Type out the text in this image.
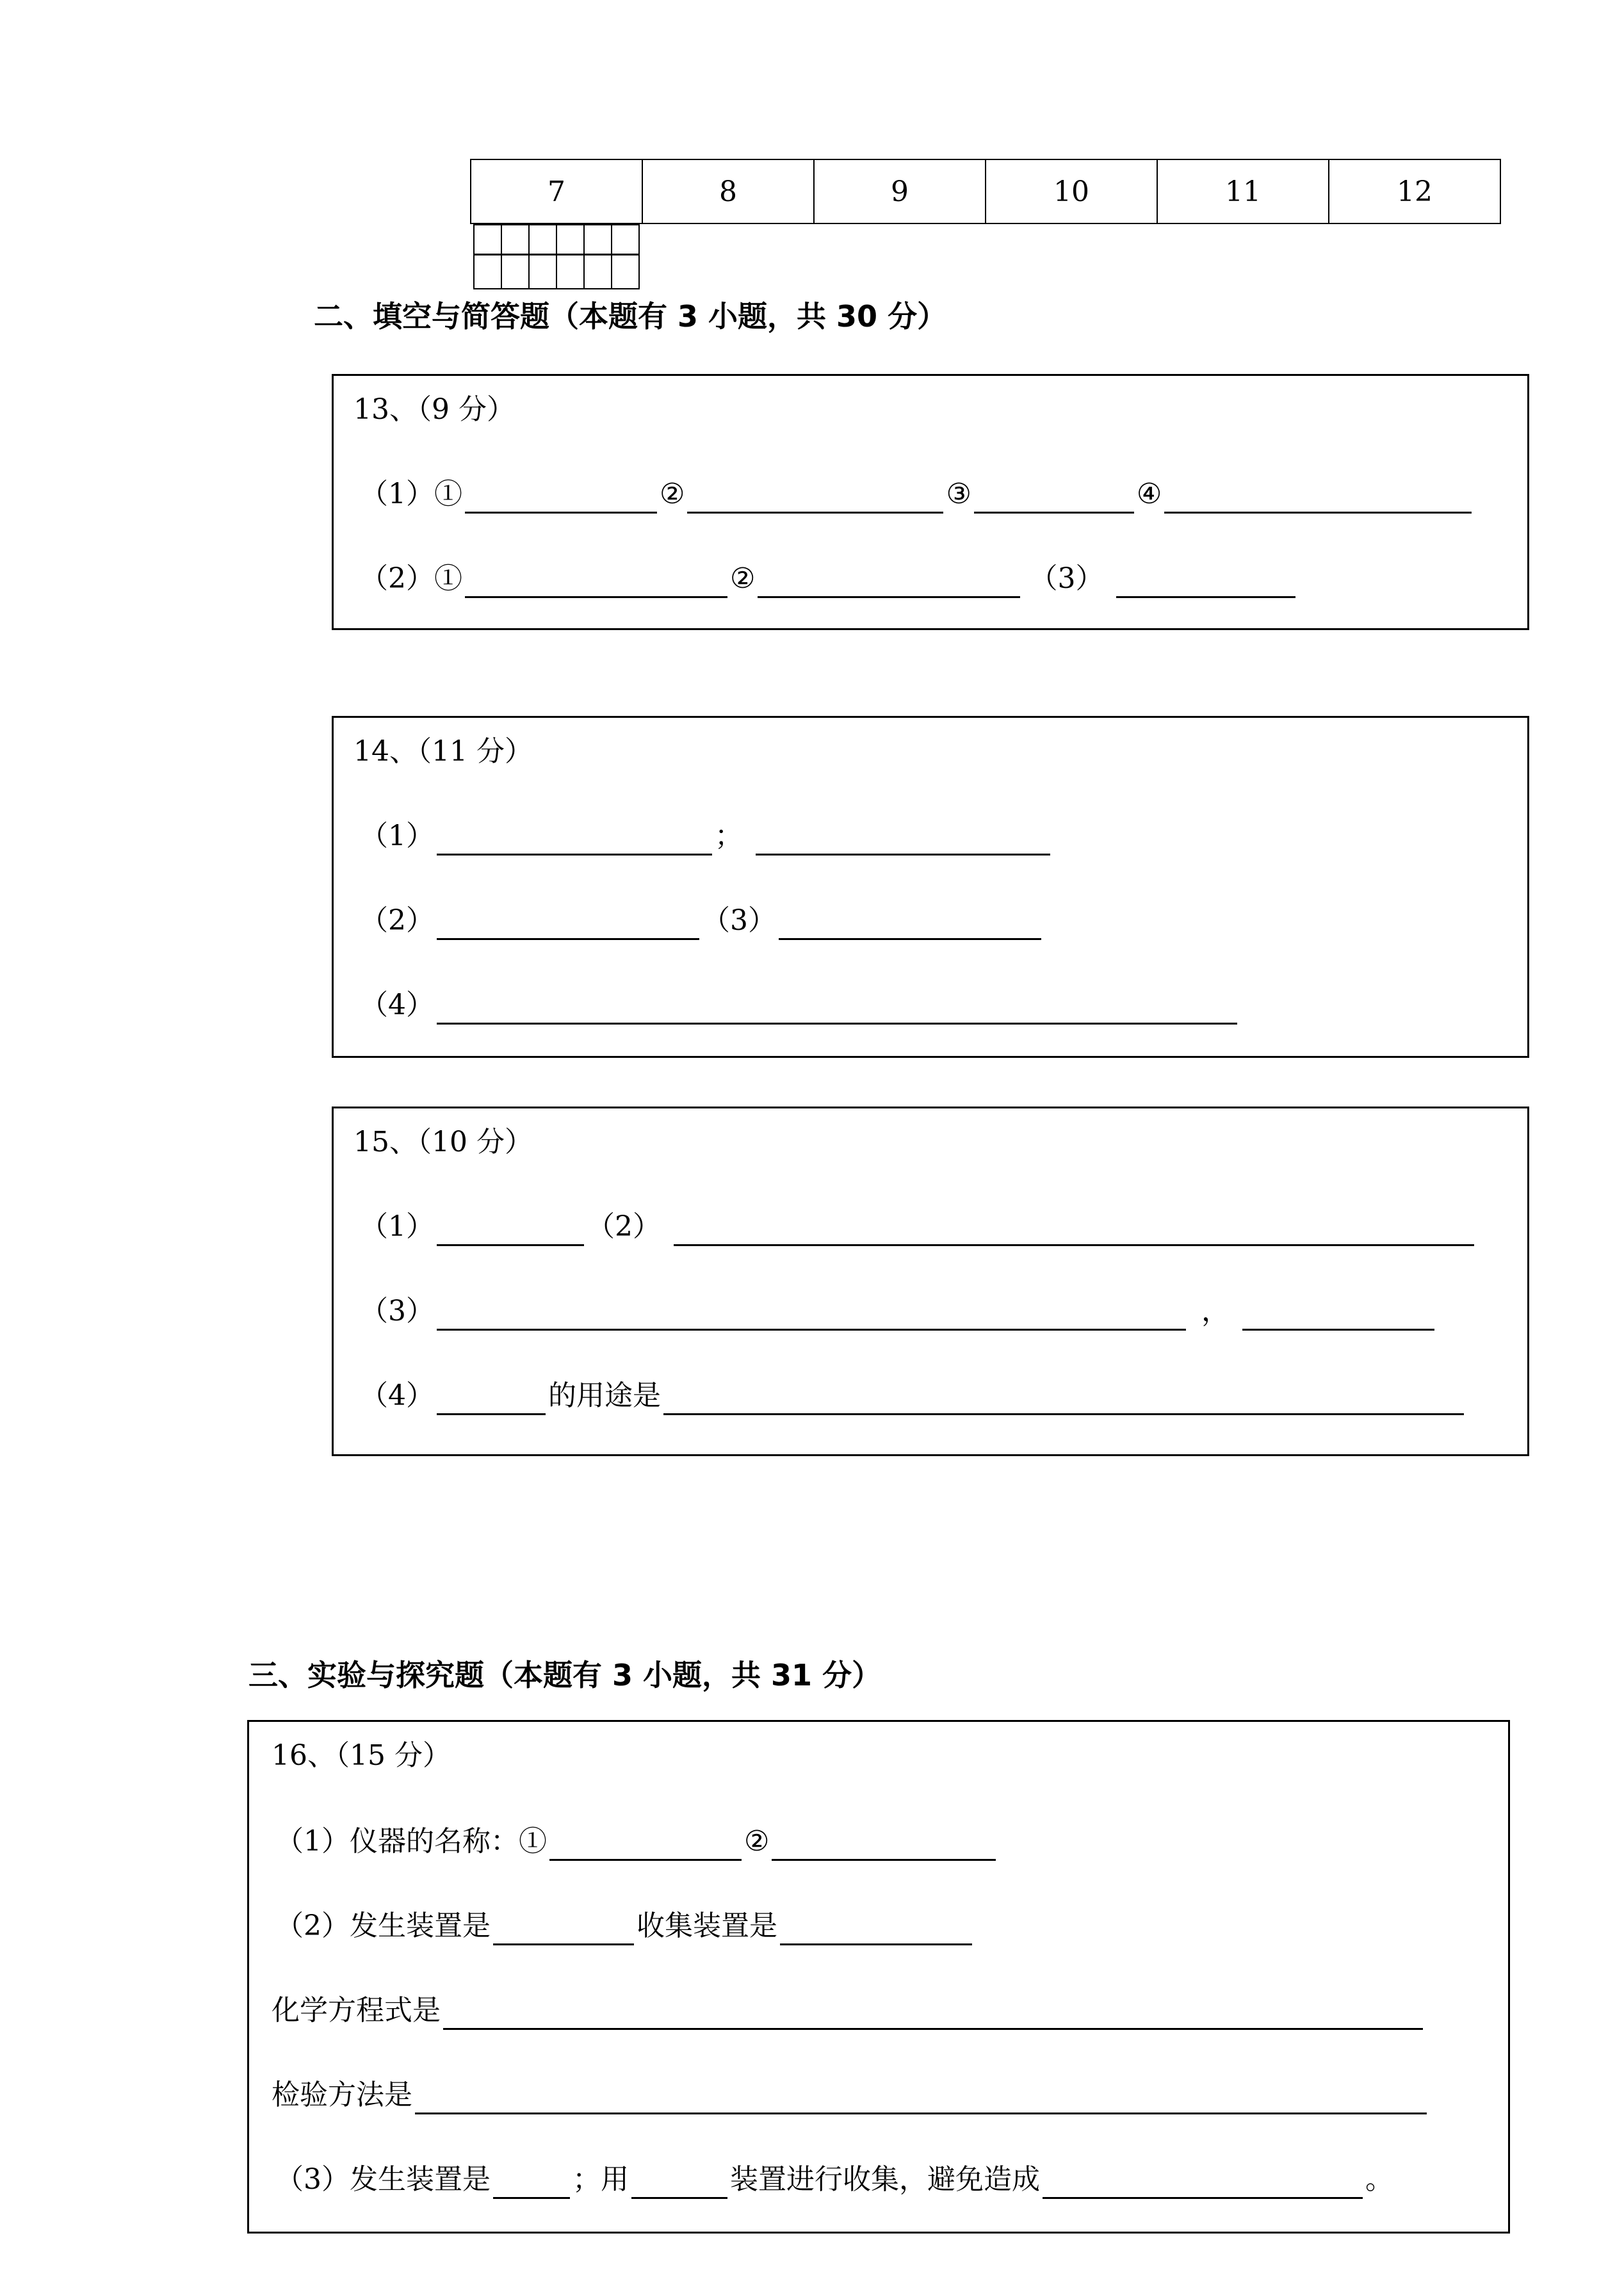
7	8	9	10	11	12

二、填空与简答题（本题有 3 小题，共 30 分）
13、（9 分）
（1）①	②	③	④
（2）①	②	（3）
14、（11 分）
（1）	；
（2）	（3）
（4）
15、（10 分）
（1）	（2）
（3）	，
（4）	的用途是
三、实验与探究题（本题有 3 小题，共 31 分）
16、（15 分）
（1）仪器的名称：①	②
（2）发生装置是	收集装置是
化学方程式是
检验方法是
（3）发生装置是	；用	装置进行收集，避免造成	。
